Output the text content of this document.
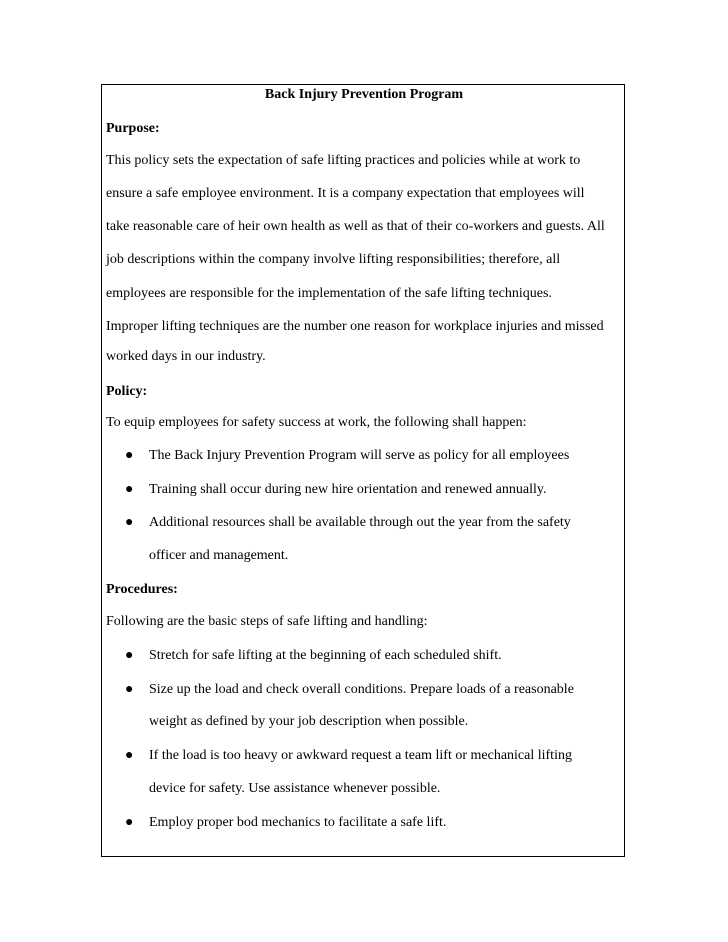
Back Injury Prevention Program
Purpose:
This policy sets the expectation of safe lifting practices and policies while at work to
ensure a safe employee environment. It is a company expectation that employees will
take reasonable care of heir own health as well as that of their co-workers and guests. All
job descriptions within the company involve lifting responsibilities; therefore, all
employees are responsible for the implementation of the safe lifting techniques.
Improper lifting techniques are the number one reason for workplace injuries and missed
worked days in our industry.
Policy:
To equip employees for safety success at work, the following shall happen:
● The Back Injury Prevention Program will serve as policy for all employees
● Training shall occur during new hire orientation and renewed annually.
● Additional resources shall be available through out the year from the safety
officer and management.
Procedures:
Following are the basic steps of safe lifting and handling:
● Stretch for safe lifting at the beginning of each scheduled shift.
● Size up the load and check overall conditions. Prepare loads of a reasonable
weight as defined by your job description when possible.
● If the load is too heavy or awkward request a team lift or mechanical lifting
device for safety. Use assistance whenever possible.
● Employ proper bod mechanics to facilitate a safe lift.
